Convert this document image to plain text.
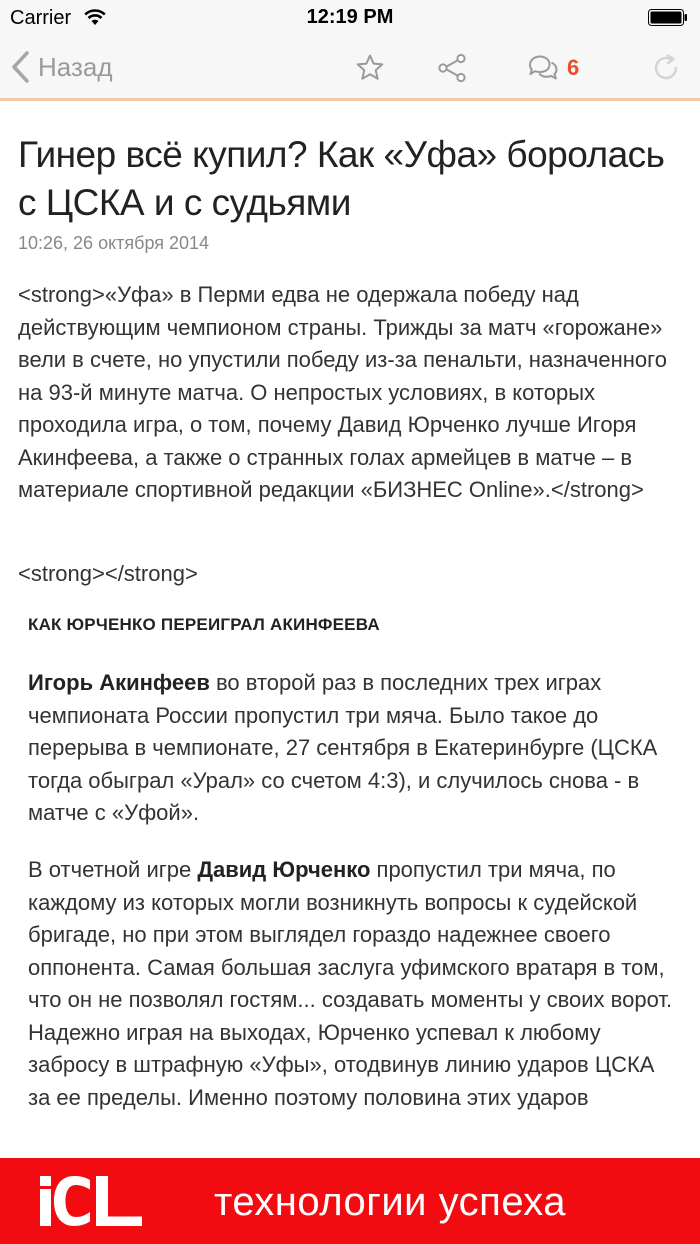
Carrier	12:19 PM
Назад	6
Гинер всё купил? Как «Уфа» боролась с ЦСКА и с судьями
10:26, 26 октября 2014
<strong>«Уфа» в Перми едва не одержала победу над действующим чемпионом страны. Трижды за матч «горожане» вели в счете, но упустили победу из-за пенальти, назначенного на 93-й минуте матча. О непростых условиях, в которых проходила игра, о том, почему Давид Юрченко лучше Игоря Акинфеева, а также о странных голах армейцев в матче – в материале спортивной редакции «БИЗНЕС Online».</strong>
<strong></strong>
КАК ЮРЧЕНКО ПЕРЕИГРАЛ АКИНФЕЕВА
Игорь Акинфеев во второй раз в последних трех играх чемпионата России пропустил три мяча. Было такое до перерыва в чемпионате, 27 сентября в Екатеринбурге (ЦСКА тогда обыграл «Урал» со счетом 4:3), и случилось снова - в матче с «Уфой».
В отчетной игре Давид Юрченко пропустил три мяча, по каждому из которых могли возникнуть вопросы к судейской бригаде, но при этом выглядел гораздо надежнее своего оппонента. Самая большая заслуга уфимского вратаря в том, что он не позволял гостям... создавать моменты у своих ворот. Надежно играя на выходах, Юрченко успевал к любому забросу в штрафную «Уфы», отодвинув линию ударов ЦСКА за ее пределы. Именно поэтому половина этих ударов
технологии успеха
